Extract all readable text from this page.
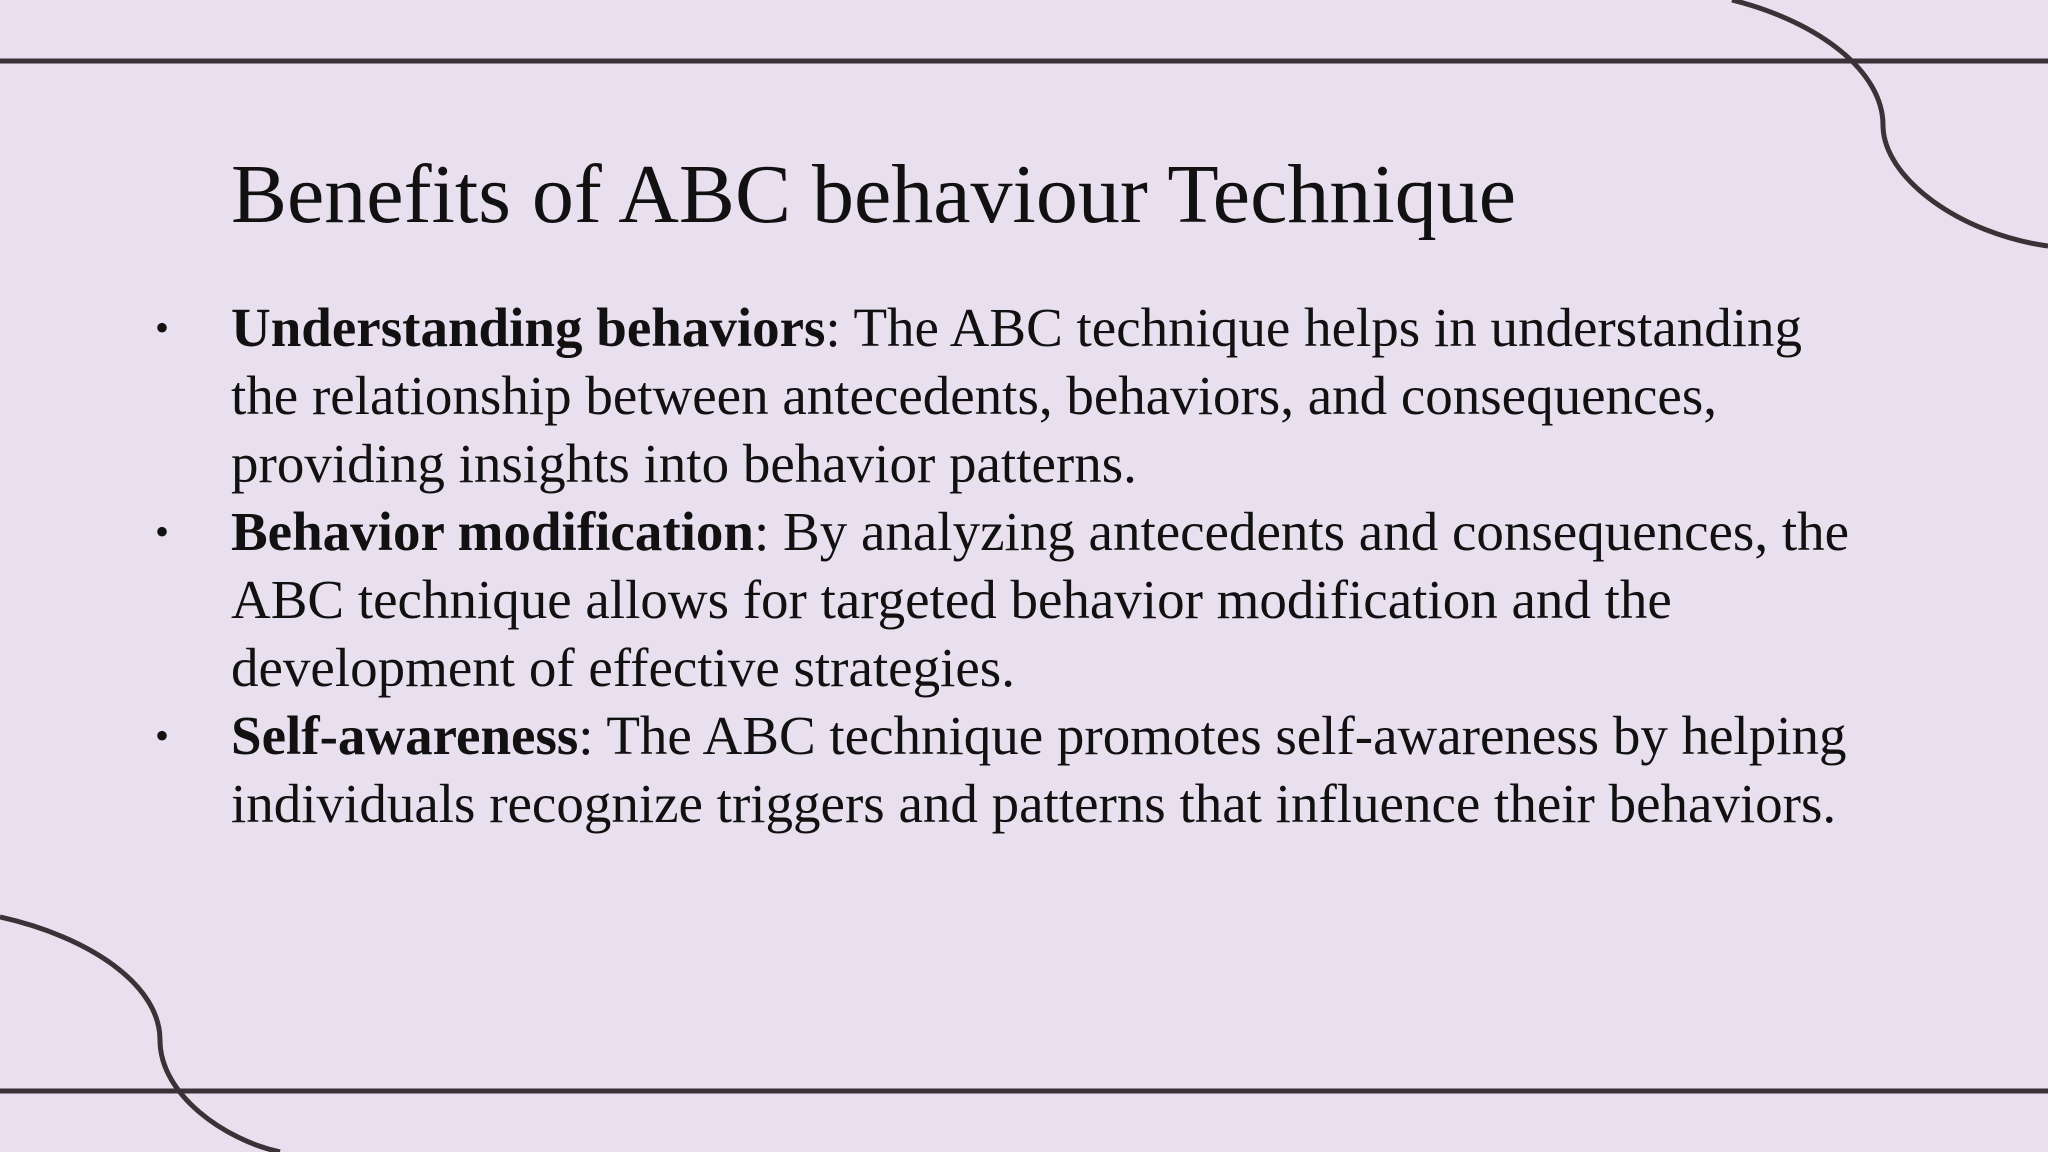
Benefits of ABC behaviour Technique
• Understanding behaviors: The ABC technique helps in understanding the relationship between antecedents, behaviors, and consequences, providing insights into behavior patterns.
• Behavior modification: By analyzing antecedents and consequences, the ABC technique allows for targeted behavior modification and the development of effective strategies.
• Self-awareness: The ABC technique promotes self-awareness by helping individuals recognize triggers and patterns that influence their behaviors.
